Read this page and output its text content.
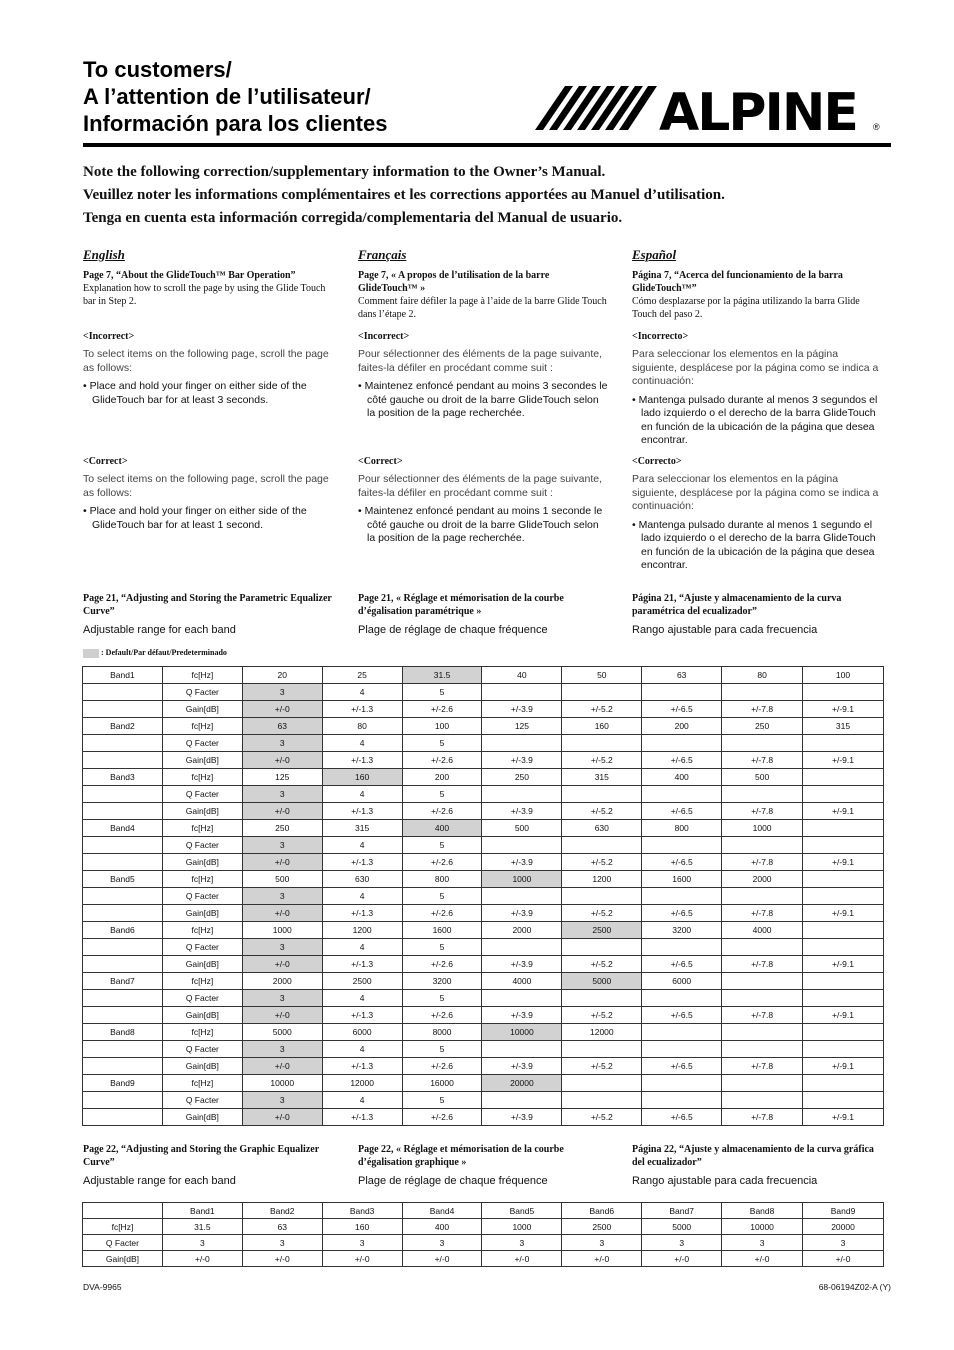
To customers/
A l’attention de l’utilisateur/
Información para los clientes	ALPINE ®
Note the following correction/supplementary information to the Owner’s Manual.
Veuillez noter les informations complémentaires et les corrections apportées au Manuel d’utilisation.
Tenga en cuenta esta información corregida/complementaria del Manual de usuario.
English
Page 7, “About the GlideTouch™ Bar Operation”
Explanation how to scroll the page by using the Glide Touch bar in Step 2.
<Incorrect>
To select items on the following page, scroll the page as follows:
• Place and hold your finger on either side of the GlideTouch bar for at least 3 seconds.
<Correct>
To select items on the following page, scroll the page as follows:
• Place and hold your finger on either side of the GlideTouch bar for at least 1 second.
Page 21, “Adjusting and Storing the Parametric Equalizer Curve”
Adjustable range for each band
Page 22, “Adjusting and Storing the Graphic Equalizer Curve”
Adjustable range for each band
Français
Page 7, « A propos de l’utilisation de la barre GlideTouch™ »
Comment faire défiler la page à l’aide de la barre Glide Touch dans l’étape 2.
<Incorrect>
Pour sélectionner des éléments de la page suivante, faites-la défiler en procédant comme suit :
• Maintenez enfoncé pendant au moins 3 secondes le côté gauche ou droit de la barre GlideTouch selon la position de la page recherchée.
<Correct>
Pour sélectionner des éléments de la page suivante, faites-la défiler en procédant comme suit :
• Maintenez enfoncé pendant au moins 1 seconde le côté gauche ou droit de la barre GlideTouch selon la position de la page recherchée.
Page 21, « Réglage et mémorisation de la courbe d’égalisation paramétrique »
Plage de réglage de chaque fréquence
Page 22, « Réglage et mémorisation de la courbe d’égalisation graphique »
Plage de réglage de chaque fréquence
Español
Página 7, “Acerca del funcionamiento de la barra GlideTouch™”
Cómo desplazarse por la página utilizando la barra Glide Touch del paso 2.
<Incorrecto>
Para seleccionar los elementos en la página siguiente, desplácese por la página como se indica a continuación:
• Mantenga pulsado durante al menos 3 segundos el lado izquierdo o el derecho de la barra GlideTouch en función de la ubicación de la página que desea encontrar.
<Correcto>
Para seleccionar los elementos en la página siguiente, desplácese por la página como se indica a continuación:
• Mantenga pulsado durante al menos 1 segundo el lado izquierdo o el derecho de la barra GlideTouch en función de la ubicación de la página que desea encontrar.
Página 21, “Ajuste y almacenamiento de la curva paramétrica del ecualizador”
Rango ajustable para cada frecuencia
Página 22, “Ajuste y almacenamiento de la curva gráfica del ecualizador”
Rango ajustable para cada frecuencia
: Default/Par défaut/Predeterminado
Band1	fc[Hz]	20	25	31.5	40	50	63	80	100
	Q Facter	3	4	5					
	Gain[dB]	+/-0	+/-1.3	+/-2.6	+/-3.9	+/-5.2	+/-6.5	+/-7.8	+/-9.1
Band2	fc[Hz]	63	80	100	125	160	200	250	315
	Q Facter	3	4	5					
	Gain[dB]	+/-0	+/-1.3	+/-2.6	+/-3.9	+/-5.2	+/-6.5	+/-7.8	+/-9.1
Band3	fc[Hz]	125	160	200	250	315	400	500	
	Q Facter	3	4	5					
	Gain[dB]	+/-0	+/-1.3	+/-2.6	+/-3.9	+/-5.2	+/-6.5	+/-7.8	+/-9.1
Band4	fc[Hz]	250	315	400	500	630	800	1000	
	Q Facter	3	4	5					
	Gain[dB]	+/-0	+/-1.3	+/-2.6	+/-3.9	+/-5.2	+/-6.5	+/-7.8	+/-9.1
Band5	fc[Hz]	500	630	800	1000	1200	1600	2000	
	Q Facter	3	4	5					
	Gain[dB]	+/-0	+/-1.3	+/-2.6	+/-3.9	+/-5.2	+/-6.5	+/-7.8	+/-9.1
Band6	fc[Hz]	1000	1200	1600	2000	2500	3200	4000	
	Q Facter	3	4	5					
	Gain[dB]	+/-0	+/-1.3	+/-2.6	+/-3.9	+/-5.2	+/-6.5	+/-7.8	+/-9.1
Band7	fc[Hz]	2000	2500	3200	4000	5000	6000		
	Q Facter	3	4	5					
	Gain[dB]	+/-0	+/-1.3	+/-2.6	+/-3.9	+/-5.2	+/-6.5	+/-7.8	+/-9.1
Band8	fc[Hz]	5000	6000	8000	10000	12000			
	Q Facter	3	4	5					
	Gain[dB]	+/-0	+/-1.3	+/-2.6	+/-3.9	+/-5.2	+/-6.5	+/-7.8	+/-9.1
Band9	fc[Hz]	10000	12000	16000	20000				
	Q Facter	3	4	5					
	Gain[dB]	+/-0	+/-1.3	+/-2.6	+/-3.9	+/-5.2	+/-6.5	+/-7.8	+/-9.1
	Band1	Band2	Band3	Band4	Band5	Band6	Band7	Band8	Band9
fc[Hz]	31.5	63	160	400	1000	2500	5000	10000	20000
Q Facter	3	3	3	3	3	3	3	3	3
Gain[dB]	+/-0	+/-0	+/-0	+/-0	+/-0	+/-0	+/-0	+/-0	+/-0
DVA-9965	68-06194Z02-A (Y)
